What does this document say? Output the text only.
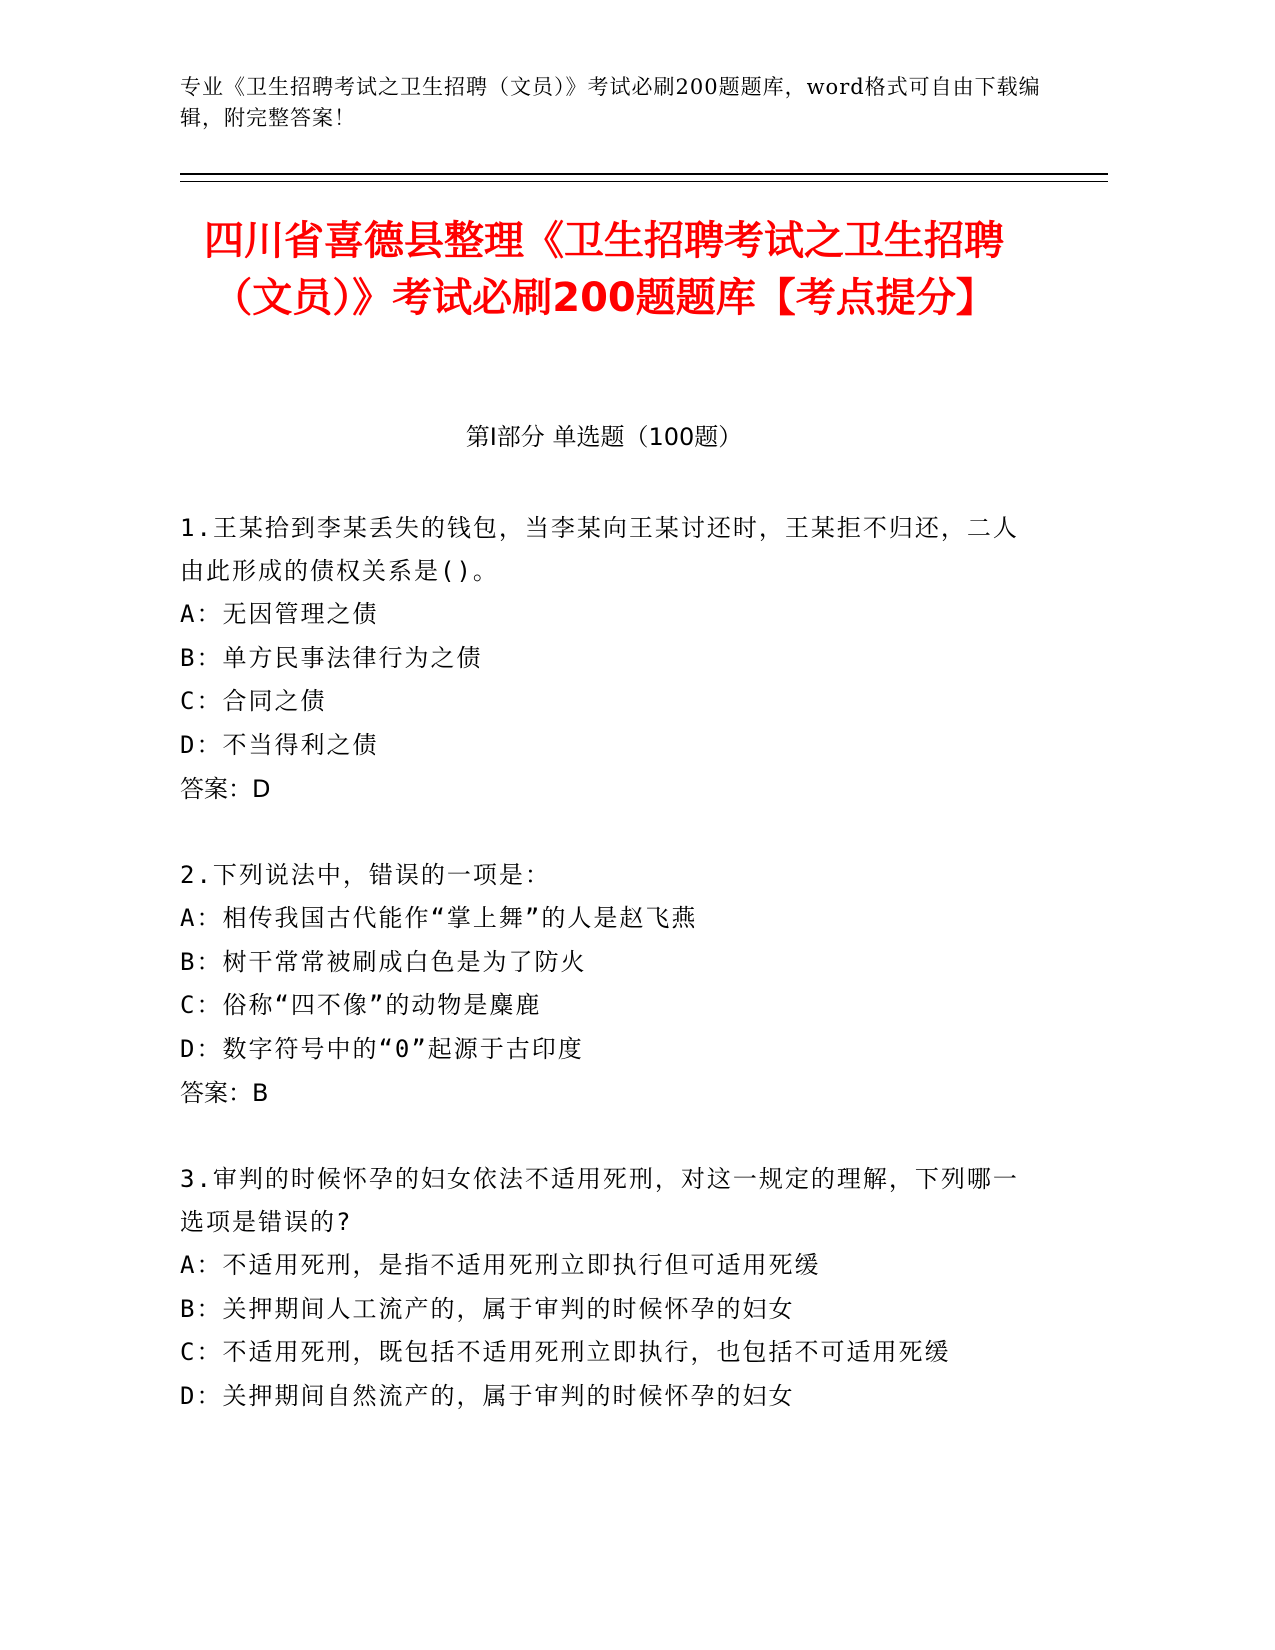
专业《卫生招聘考试之卫生招聘（文员）》考试必刷200题题库，word格式可自由下载编辑，附完整答案！
四川省喜德县整理《卫生招聘考试之卫生招聘（文员）》考试必刷200题题库【考点提分】
第I部分 单选题（100题）
1.王某拾到李某丢失的钱包，当李某向王某讨还时，王某拒不归还，二人由此形成的债权关系是()。
A：无因管理之债
B：单方民事法律行为之债
C：合同之债
D：不当得利之债
答案：D
2.下列说法中，错误的一项是：
A：相传我国古代能作“掌上舞”的人是赵飞燕
B：树干常常被刷成白色是为了防火
C：俗称“四不像”的动物是麋鹿
D：数字符号中的“0”起源于古印度
答案：B
3.审判的时候怀孕的妇女依法不适用死刑，对这一规定的理解，下列哪一选项是错误的?
A：不适用死刑，是指不适用死刑立即执行但可适用死缓
B：关押期间人工流产的，属于审判的时候怀孕的妇女
C：不适用死刑，既包括不适用死刑立即执行，也包括不可适用死缓
D：关押期间自然流产的，属于审判的时候怀孕的妇女
